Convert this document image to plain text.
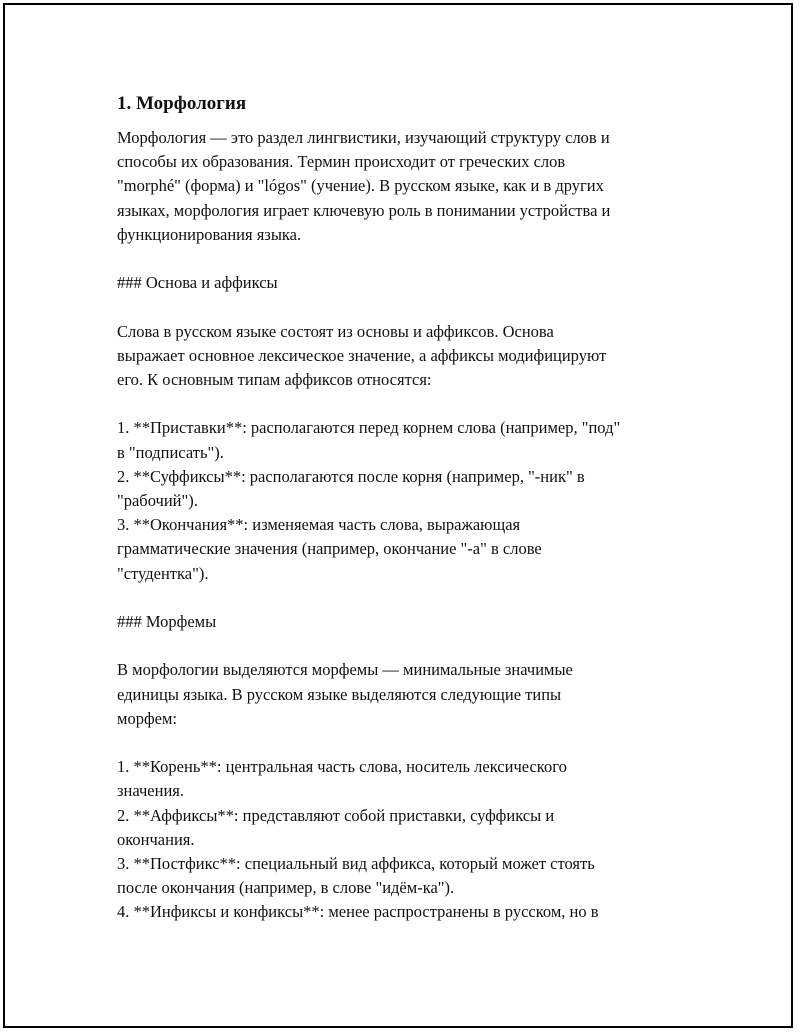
1. Морфология

Морфология — это раздел лингвистики, изучающий структуру слов и

способы их образования. Термин происходит от греческих слов

"morphé" (форма) и "lógos" (учение). В русском языке, как и в других

языках, морфология играет ключевую роль в понимании устройства и

функционирования языка.

### Основа и аффиксы

Слова в русском языке состоят из основы и аффиксов. Основа

выражает основное лексическое значение, а аффиксы модифицируют

его. К основным типам аффиксов относятся:

1. **Приставки**: располагаются перед корнем слова (например, "под"

в "подписать").

2. **Суффиксы**: располагаются после корня (например, "-ник" в

"рабочий").

3. **Окончания**: изменяемая часть слова, выражающая

грамматические значения (например, окончание "-а" в слове

"студентка").

### Морфемы

В морфологии выделяются морфемы — минимальные значимые

единицы языка. В русском языке выделяются следующие типы

морфем:

1. **Корень**: центральная часть слова, носитель лексического

значения.

2. **Аффиксы**: представляют собой приставки, суффиксы и

окончания.

3. **Постфикс**: специальный вид аффикса, который может стоять

после окончания (например, в слове "идём-ка").

4. **Инфиксы и конфиксы**: менее распространены в русском, но в
